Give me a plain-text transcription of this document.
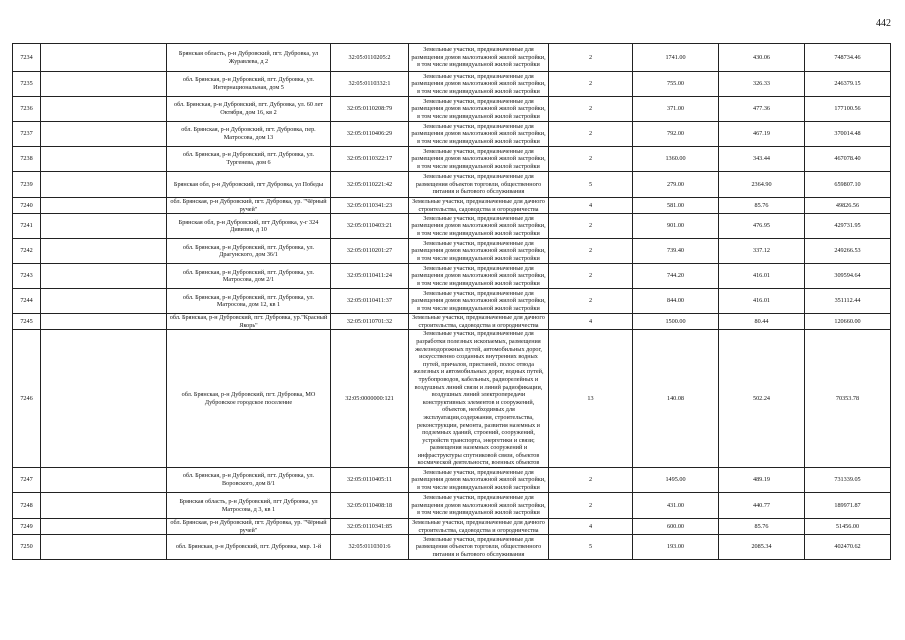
442
7234		Брянская область, р-н Дубровский, пгт. Дубровка, ул Журавлева, д 2	32:05:0110205:2	Земельные участки, предназначенные для размещения домов малоэтажной жилой застройки, в том числе индивидуальной жилой застройки	2	1741.00	430.06	748734.46
7235		обл. Брянская, р-н Дубровский, пгт. Дубровка, ул. Интернациональная, дом 5	32:05:0110332:1	Земельные участки, предназначенные для размещения домов малоэтажной жилой застройки, в том числе индивидуальной жилой застройки	2	755.00	326.33	246379.15
7236		обл. Брянская, р-н Дубровский, пгт. Дубровка, ул. 60 лет Октября, дом 16, кв 2	32:05:0110208:79	Земельные участки, предназначенные для размещения домов малоэтажной жилой застройки, в том числе индивидуальной жилой застройки	2	371.00	477.36	177100.56
7237		обл. Брянская, р-н Дубровский, пгт. Дубровка, пер. Матросова, дом 13	32:05:0110406:29	Земельные участки, предназначенные для размещения домов малоэтажной жилой застройки, в том числе индивидуальной жилой застройки	2	792.00	467.19	370014.48
7238		обл. Брянская, р-н Дубровский, пгт. Дубровка, ул. Тургенева, дом 6	32:05:0110322:17	Земельные участки, предназначенные для размещения домов малоэтажной жилой застройки, в том числе индивидуальной жилой застройки	2	1360.00	343.44	467078.40
7239		Брянская обл, р-н Дубровский, пгт Дубровка, ул Победы	32:05:0110221:42	Земельные участки, предназначенные для размещения объектов торговли, общественного питания и бытового обслуживания	5	279.00	2364.90	659807.10
7240		обл. Брянская, р-н Дубровский, пгт. Дубровка, ур. "Чёрный ручей"	32:05:0110341:23	Земельные участки, предназначенные для дачного строительства, садоводства и огородничества	4	581.00	85.76	49826.56
7241		Брянская обл, р-н Дубровский, пгт Дубровка, у-г 324 Дивизии, д 10	32:05:0110403:21	Земельные участки, предназначенные для размещения домов малоэтажной жилой застройки, в том числе индивидуальной жилой застройки	2	901.00	476.95	429731.95
7242		обл. Брянская, р-н Дубровский, пгт. Дубровка, ул. Драгунского, дом 36/1	32:05:0110201:27	Земельные участки, предназначенные для размещения домов малоэтажной жилой застройки, в том числе индивидуальной жилой застройки	2	739.40	337.12	249266.53
7243		обл. Брянская, р-н Дубровский, пгт. Дубровка, ул. Матросова, дом 2/1	32:05:0110411:24	Земельные участки, предназначенные для размещения домов малоэтажной жилой застройки, в том числе индивидуальной жилой застройки	2	744.20	416.01	309594.64
7244		обл. Брянская, р-н Дубровский, пгт. Дубровка, ул. Матросова, дом 12, кв 1	32:05:0110411:37	Земельные участки, предназначенные для размещения домов малоэтажной жилой застройки, в том числе индивидуальной жилой застройки	2	844.00	416.01	351112.44
7245		обл. Брянская, р-н Дубровский, пгт. Дубровка, ур."Красный Якорь"	32:05:0110701:32	Земельные участки, предназначенные для дачного строительства, садоводства и огородничества	4	1500.00	80.44	120660.00
7246		обл. Брянская, р-н Дубровский, пгт. Дубровка, МО Дубровское городское поселение	32:05:0000000:121	Земельные участки, предназначенные для разработки полезных ископаемых, размещения железнодорожных путей, автомобильных дорог, искусственно созданных внутренних водных путей, причалов, пристаней, полос отвода железных и автомобильных дорог, водных путей, трубопроводов, кабельных, радиорелейных и воздушных линий связи и линий радиофикации, воздушных линий электропередачи конструктивных элементов и сооружений, объектов, необходимых для эксплуатации,содержания, строительства, реконструкции, ремонта, развития наземных и подземных зданий, строений, сооружений, устройств транспорта, энергетики и связи; размещения наземных сооружений и инфраструктуры спутниковой связи, объектов космической деятельности, военных объектов	13	140.08	502.24	70353.78
7247		обл. Брянская, р-н Дубровский, пгт. Дубровка, ул. Воровского, дом 8/1	32:05:0110405:11	Земельные участки, предназначенные для размещения домов малоэтажной жилой застройки, в том числе индивидуальной жилой застройки	2	1495.00	489.19	731339.05
7248		Брянская область, р-н Дубровский, пгт Дубровка, ул Матросова, д 3, кв 1	32:05:0110408:18	Земельные участки, предназначенные для размещения домов малоэтажной жилой застройки, в том числе индивидуальной жилой застройки	2	431.00	440.77	189971.87
7249		обл. Брянская, р-н Дубровский, пгт. Дубровка, ур. "Чёрный ручей"	32:05:0110341:85	Земельные участки, предназначенные для дачного строительства, садоводства и огородничества	4	600.00	85.76	51456.00
7250		обл. Брянская, р-н Дубровский, пгт. Дубровка, мкр. 1-й	32:05:0110301:6	Земельные участки, предназначенные для размещения объектов торговли, общественного питания и бытового обслуживания	5	193.00	2085.34	402470.62
